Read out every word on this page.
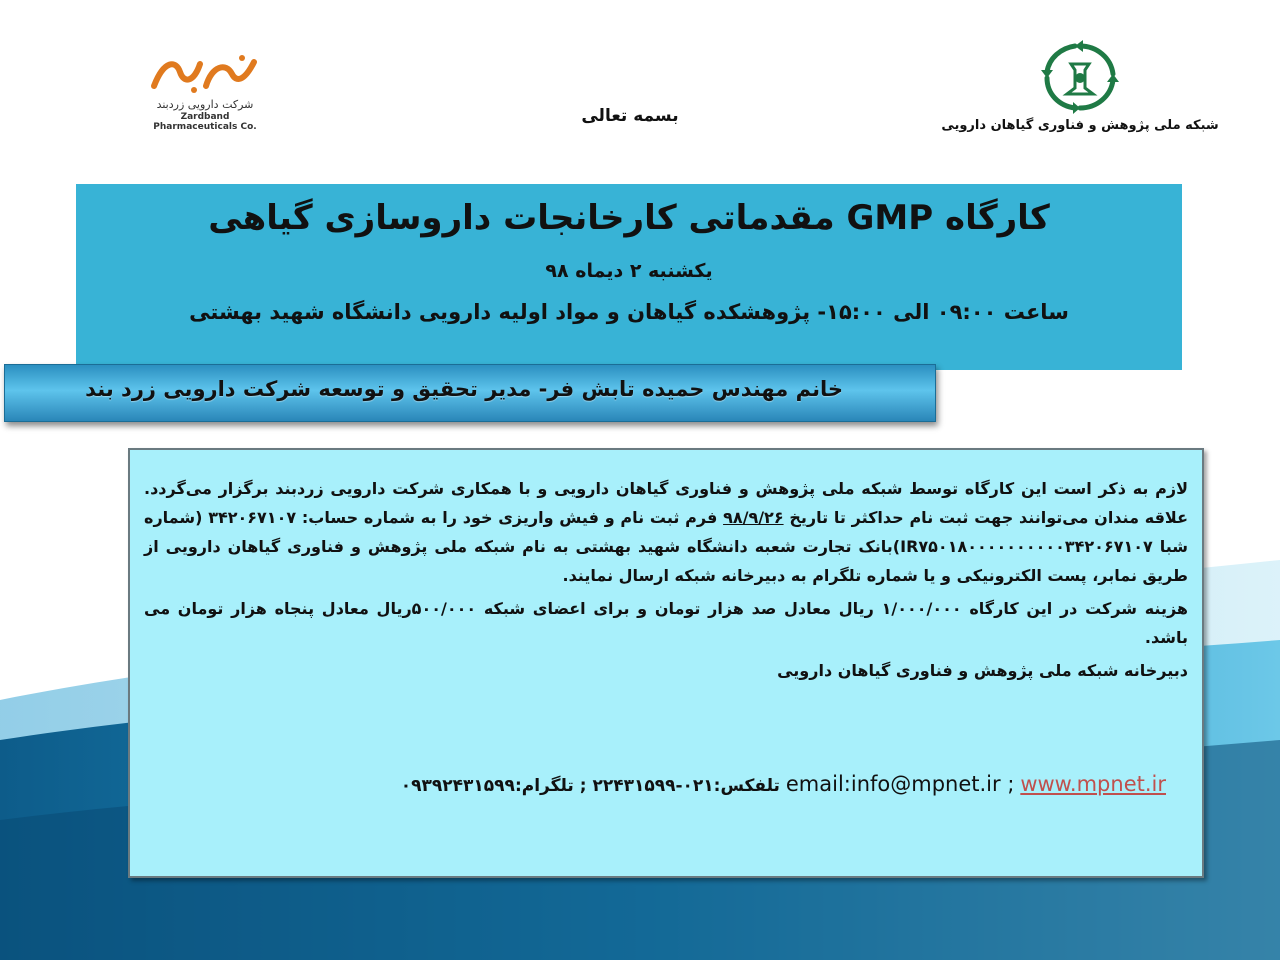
شرکت دارویی زردبند
Zardband Pharmaceuticals Co.
بسمه تعالی	شبکه ملی پژوهش و فناوری گیاهان دارویی
کارگاه GMP مقدماتی کارخانجات داروسازی گیاهی
یکشنبه ۲ دیماه ۹۸
ساعت ۰۹:۰۰ الی ۱۵:۰۰- پژوهشکده گیاهان و مواد اولیه دارویی دانشگاه شهید بهشتی
خانم مهندس حمیده تابش فر- مدیر تحقیق و توسعه شرکت دارویی زرد بند

لازم به ذکر است این کارگاه توسط شبکه ملی پژوهش و فناوری گیاهان دارویی و با همکاری شرکت دارویی زردبند برگزار می‌گردد. علاقه مندان می‌توانند جهت ثبت نام حداکثر تا تاریخ ۹۸/۹/۲۶ فرم ثبت نام و فیش واریزی خود را به شماره حساب: ۳۴۲۰۶۷۱۰۷ (شماره شبا IR۷۵۰۱۸۰۰۰۰۰۰۰۰۰۰۳۴۲۰۶۷۱۰۷)بانک تجارت شعبه دانشگاه شهید بهشتی به نام شبکه ملی پژوهش و فناوری گیاهان دارویی از طریق نمابر، پست الکترونیکی و یا شماره تلگرام به دبیرخانه شبکه ارسال نمایند.

هزینه شرکت در این کارگاه ۱/۰۰۰/۰۰۰ ریال معادل صد هزار تومان و برای اعضای شبکه ۵۰۰/۰۰۰ریال معادل پنجاه هزار تومان می باشد.

دبیرخانه شبکه ملی پژوهش و فناوری گیاهان دارویی

email:info@mpnet.ir ; www.mpnet.ir تلفکس:۰۲۱-۲۲۴۳۱۵۹۹ ; تلگرام:۰۹۳۹۲۴۳۱۵۹۹
